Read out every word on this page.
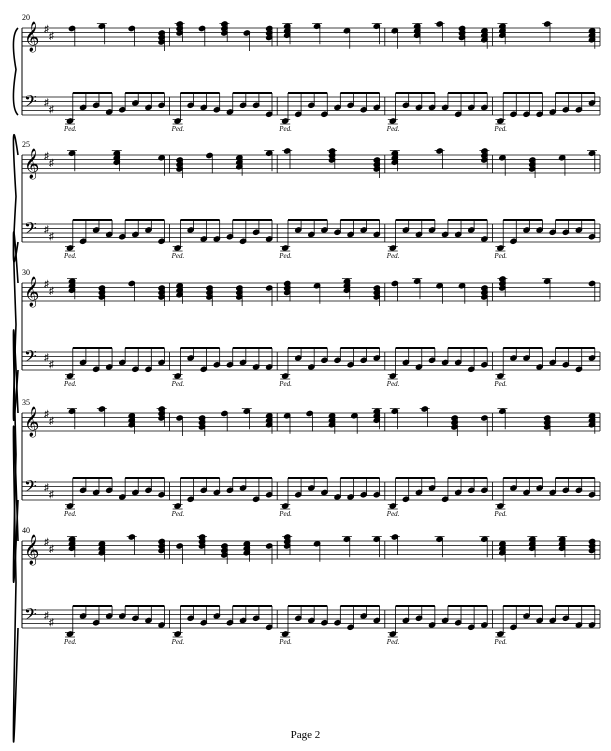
20
𝄞
𝄢
♯
♯
♯
♯
Ped.	Ped.	Ped.	Ped.	Ped.
25
𝄞
𝄢
♯
♯
♯
♯
Ped.	Ped.	Ped.	Ped.	Ped.
30
𝄞
𝄢
♯
♯
♯
♯
Ped.	Ped.	Ped.	Ped.	Ped.
35
𝄞
𝄢
♯
♯
♯
♯
Ped.	Ped.	Ped.	Ped.	Ped.
40
𝄞
𝄢
♯
♯
♯
♯
Ped.	Ped.	Ped.	Ped.	Ped.
Page 2
